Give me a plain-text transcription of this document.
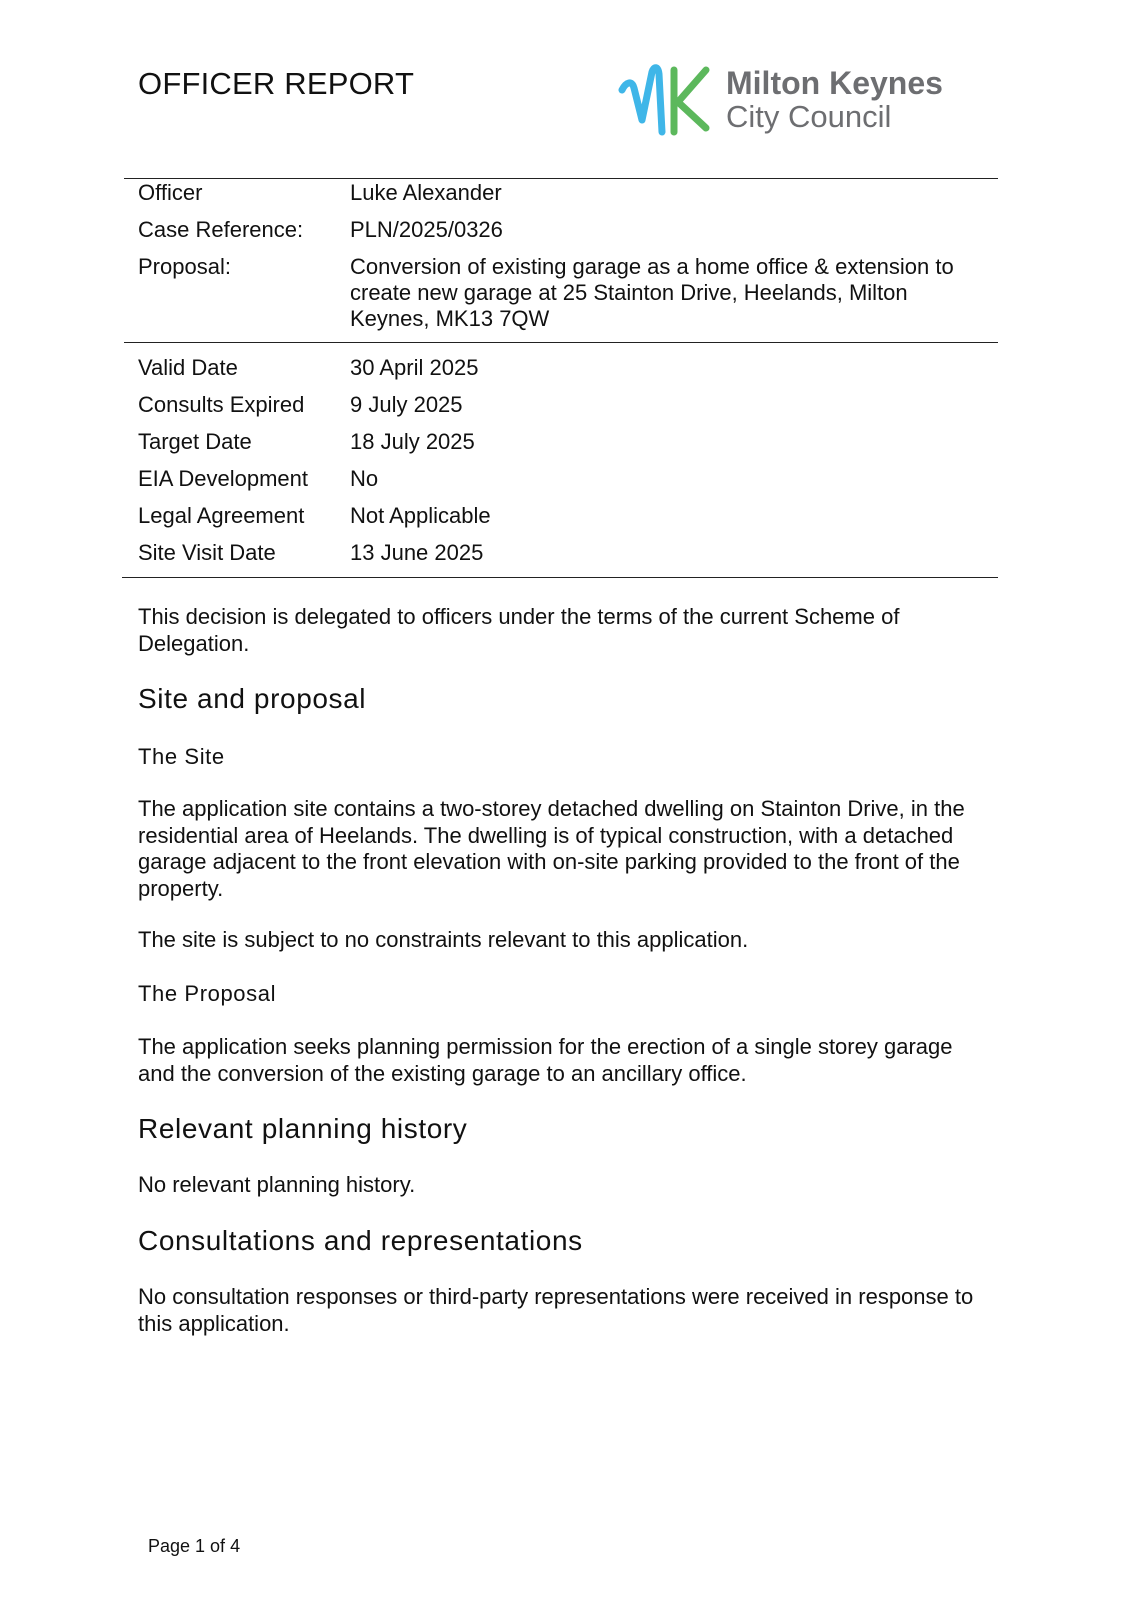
OFFICER REPORT	Milton Keynes
City Council
Officer	Luke Alexander
Case Reference: PLN/2025/0326
Proposal:	Conversion of existing garage as a home office & extension to create new garage at 25 Stainton Drive, Heelands, Milton Keynes, MK13 7QW
Valid Date	30 April 2025
Consults Expired 9 July 2025
Target Date	18 July 2025
EIA Development No
Legal Agreement Not Applicable
Site Visit Date	13 June 2025
This decision is delegated to officers under the terms of the current Scheme of Delegation.
Site and proposal
The Site
The application site contains a two-storey detached dwelling on Stainton Drive, in the residential area of Heelands. The dwelling is of typical construction, with a detached garage adjacent to the front elevation with on-site parking provided to the front of the property.
The site is subject to no constraints relevant to this application.
The Proposal
The application seeks planning permission for the erection of a single storey garage and the conversion of the existing garage to an ancillary office.
Relevant planning history
No relevant planning history.
Consultations and representations
No consultation responses or third-party representations were received in response to this application.
Page 1 of 4
